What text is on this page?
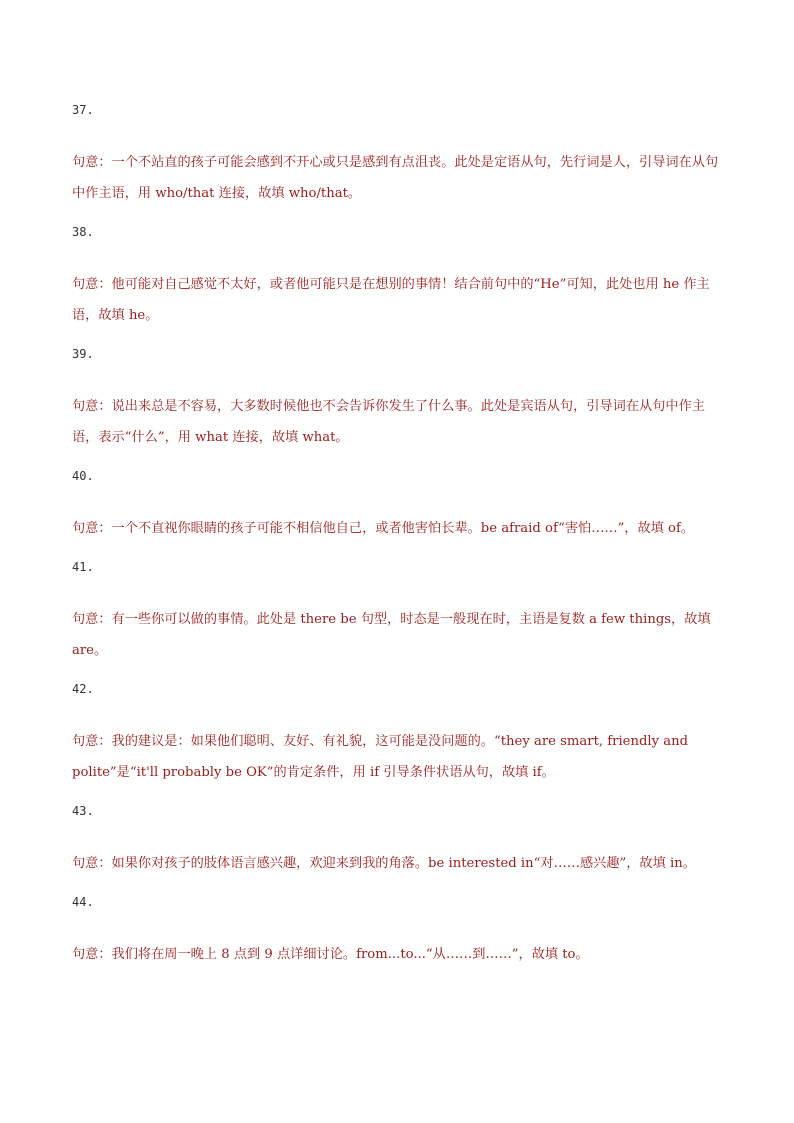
37.
句意：一个不站直的孩子可能会感到不开心或只是感到有点沮丧。此处是定语从句，先行词是人，引导词在从句中作主语，用 who/that 连接，故填 who/that。
38.
句意：他可能对自己感觉不太好，或者他可能只是在想别的事情！结合前句中的“He”可知，此处也用 he 作主语，故填 he。
39.
句意：说出来总是不容易，大多数时候他也不会告诉你发生了什么事。此处是宾语从句，引导词在从句中作主语，表示“什么”，用 what 连接，故填 what。
40.
句意：一个不直视你眼睛的孩子可能不相信他自己，或者他害怕长辈。be afraid of“害怕……”，故填 of。
41.
句意：有一些你可以做的事情。此处是 there be 句型，时态是一般现在时，主语是复数 a few things，故填 are。
42.
句意：我的建议是：如果他们聪明、友好、有礼貌，这可能是没问题的。“they are smart, friendly and polite”是“it'll probably be OK”的肯定条件，用 if 引导条件状语从句，故填 if。
43.
句意：如果你对孩子的肢体语言感兴趣，欢迎来到我的角落。be interested in“对……感兴趣”，故填 in。
44.
句意：我们将在周一晚上 8 点到 9 点详细讨论。from...to...“从……到……”，故填 to。
